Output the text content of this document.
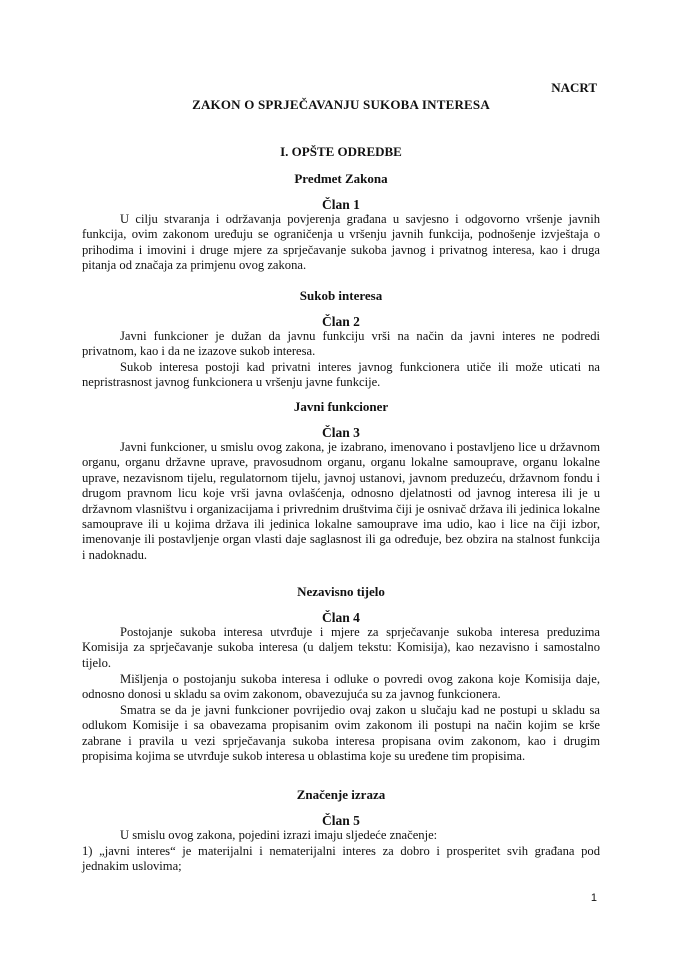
NACRT
ZAKON O SPRJEČAVANJU SUKOBA INTERESA
I. OPŠTE ODREDBE
Predmet Zakona
Član 1
U cilju stvaranja i održavanja povjerenja građana u savjesno i odgovorno vršenje javnih funkcija, ovim zakonom uređuju se ograničenja u vršenju javnih funkcija, podnošenje izvještaja o prihodima i imovini i druge mjere za sprječavanje sukoba javnog i privatnog interesa, kao i druga pitanja od značaja za primjenu ovog zakona.
Sukob interesa
Član 2
Javni funkcioner je dužan da javnu funkciju vrši na način da javni interes ne podredi privatnom, kao i da ne izazove sukob interesa.
Sukob interesa postoji kad privatni interes javnog funkcionera utiče ili može uticati na nepristrasnost javnog funkcionera u vršenju javne funkcije.
Javni funkcioner
Član 3
Javni funkcioner, u smislu ovog zakona, je izabrano, imenovano i postavljeno lice u državnom organu, organu državne uprave, pravosudnom organu, organu lokalne samouprave, organu lokalne uprave, nezavisnom tijelu, regulatornom tijelu, javnoj ustanovi, javnom preduzeću, državnom fondu i drugom pravnom licu koje vrši javna ovlašćenja, odnosno djelatnosti od javnog interesa ili je u državnom vlasništvu i organizacijama i privrednim društvima čiji je osnivač država ili jedinica lokalne samouprave ili u kojima država ili jedinica lokalne samouprave ima udio, kao i lice na čiji izbor, imenovanje ili postavljenje organ vlasti daje saglasnost ili ga određuje, bez obzira na stalnost funkcija i nadoknadu.
Nezavisno tijelo
Član 4
Postojanje sukoba interesa utvrđuje i mjere za sprječavanje sukoba interesa preduzima Komisija za sprječavanje sukoba interesa (u daljem tekstu: Komisija), kao nezavisno i samostalno tijelo.
Mišljenja o postojanju sukoba interesa i odluke o povredi ovog zakona koje Komisija daje, odnosno donosi u skladu sa ovim zakonom, obavezujuća su za javnog funkcionera.
Smatra se da je javni funkcioner povrijedio ovaj zakon u slučaju kad ne postupi u skladu sa odlukom Komisije i sa obavezama propisanim ovim zakonom ili postupi na način kojim se krše zabrane i pravila u vezi sprječavanja sukoba interesa propisana ovim zakonom, kao i drugim propisima kojima se utvrđuje sukob interesa u oblastima koje su uređene tim propisima.
Značenje izraza
Član 5
U smislu ovog zakona, pojedini izrazi imaju sljedeće značenje:
1) „javni interes“ je materijalni i nematerijalni interes za dobro i prosperitet svih građana pod jednakim uslovima;
1
